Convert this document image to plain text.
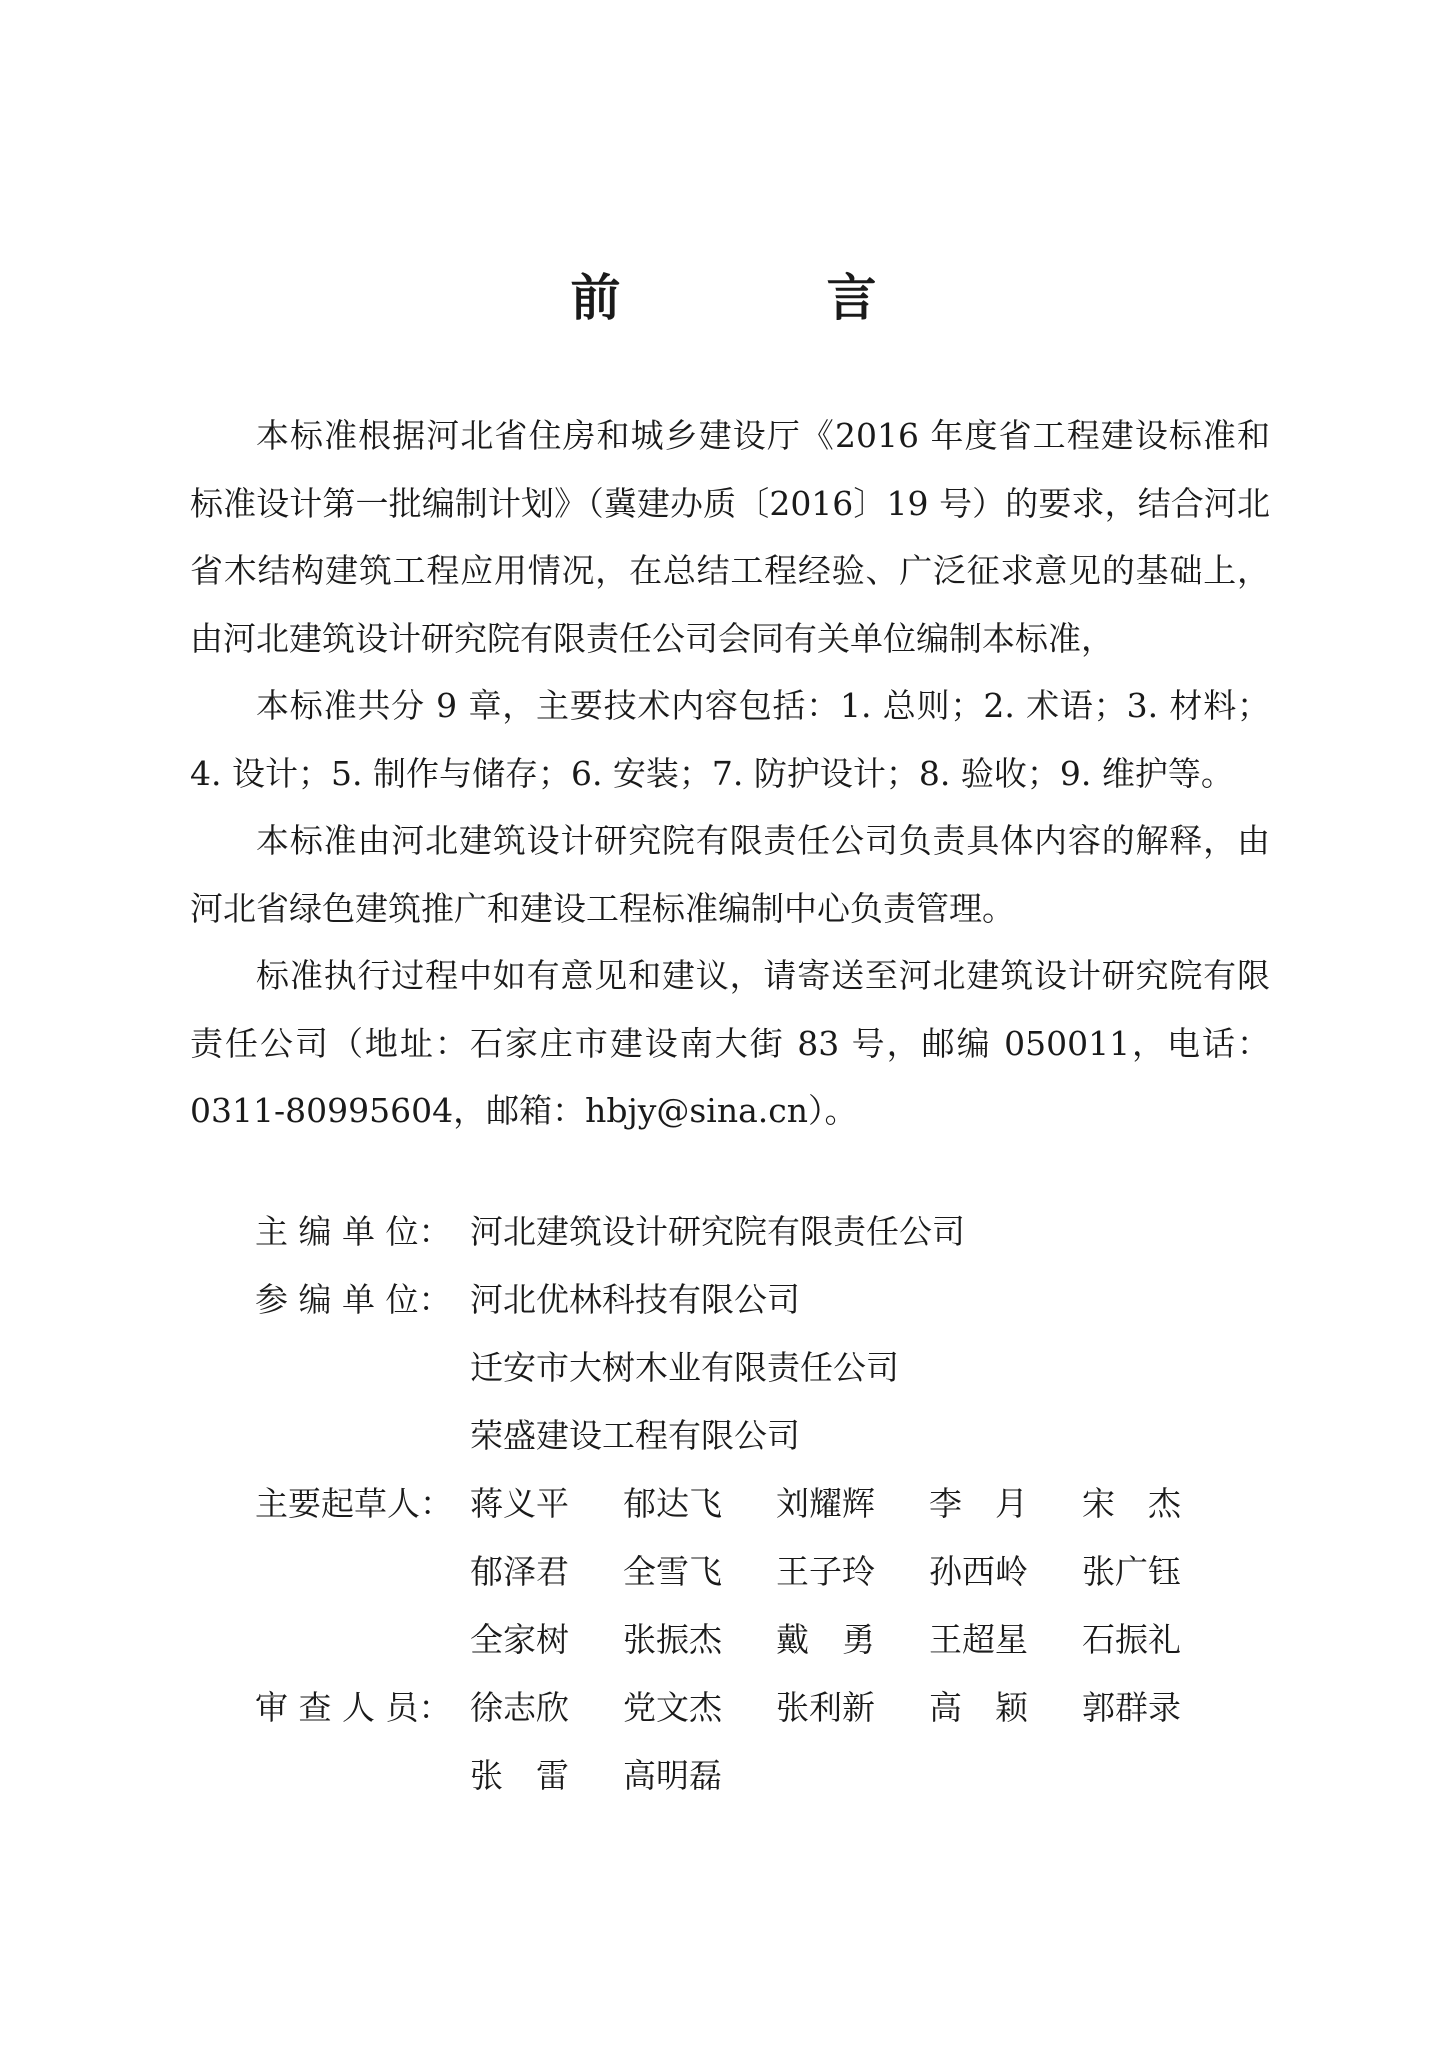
前　言

本标准根据河北省住房和城乡建设厅《2016 年度省工程建设标准和标准设计第一批编制计划》（冀建办质〔2016〕19 号）的要求，结合河北省木结构建筑工程应用情况，在总结工程经验、广泛征求意见的基础上，由河北建筑设计研究院有限责任公司会同有关单位编制本标准，

本标准共分 9 章，主要技术内容包括：1. 总则；2. 术语；3. 材料；4. 设计；5. 制作与储存；6. 安装；7. 防护设计；8. 验收；9. 维护等。

本标准由河北建筑设计研究院有限责任公司负责具体内容的解释，由河北省绿色建筑推广和建设工程标准编制中心负责管理。

标准执行过程中如有意见和建议，请寄送至河北建筑设计研究院有限责任公司（地址：石家庄市建设南大街 83 号，邮编 050011，电话：0311-80995604，邮箱：hbjy@sina.cn）。

主 编 单 位： 河北建筑设计研究院有限责任公司
参 编 单 位： 河北优林科技有限公司
迁安市大树木业有限责任公司
荣盛建设工程有限公司
主要起草人： 蒋义平	郁达飞	刘耀辉	李　月	宋　杰
郁泽君	全雪飞	王子玲	孙西岭	张广钰
全家树	张振杰	戴　勇	王超星	石振礼
审 查 人 员： 徐志欣	党文杰	张利新	高　颖	郭群录
张　雷	高明磊
